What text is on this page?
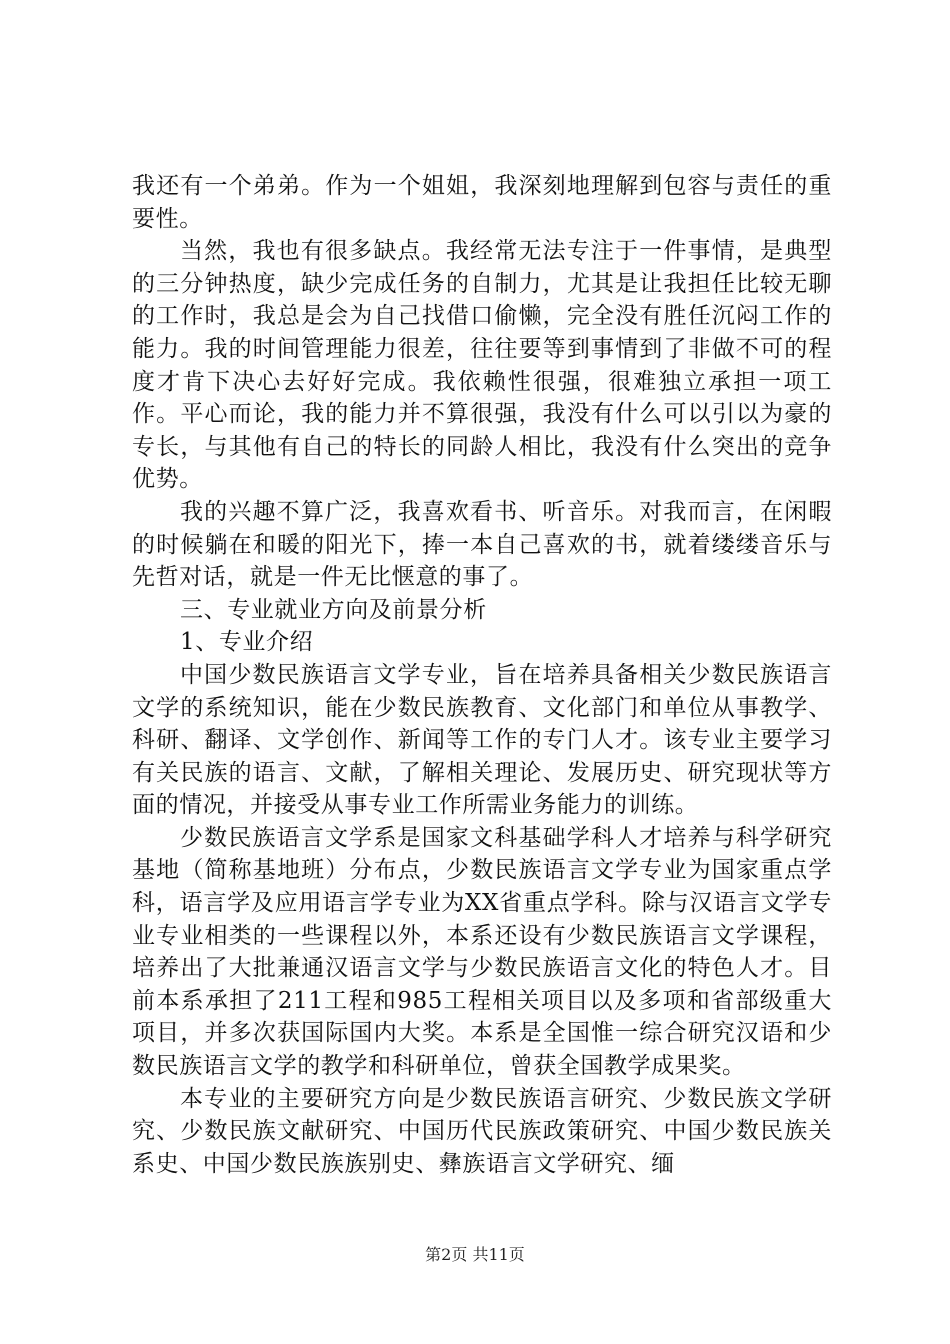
我还有一个弟弟。作为一个姐姐，我深刻地理解到包容与责任的重要性。

当然，我也有很多缺点。我经常无法专注于一件事情，是典型的三分钟热度，缺少完成任务的自制力，尤其是让我担任比较无聊的工作时，我总是会为自己找借口偷懒，完全没有胜任沉闷工作的能力。我的时间管理能力很差，往往要等到事情到了非做不可的程度才肯下决心去好好完成。我依赖性很强，很难独立承担一项工作。平心而论，我的能力并不算很强，我没有什么可以引以为豪的专长，与其他有自己的特长的同龄人相比，我没有什么突出的竞争优势。

我的兴趣不算广泛，我喜欢看书、听音乐。对我而言，在闲暇的时候躺在和暖的阳光下，捧一本自己喜欢的书，就着缕缕音乐与先哲对话，就是一件无比惬意的事了。

三、专业就业方向及前景分析

1、专业介绍

中国少数民族语言文学专业，旨在培养具备相关少数民族语言文学的系统知识，能在少数民族教育、文化部门和单位从事教学、科研、翻译、文学创作、新闻等工作的专门人才。该专业主要学习有关民族的语言、文献，了解相关理论、发展历史、研究现状等方面的情况，并接受从事专业工作所需业务能力的训练。

少数民族语言文学系是国家文科基础学科人才培养与科学研究基地（简称基地班）分布点，少数民族语言文学专业为国家重点学科，语言学及应用语言学专业为XX省重点学科。除与汉语言文学专业专业相类的一些课程以外，本系还设有少数民族语言文学课程，培养出了大批兼通汉语言文学与少数民族语言文化的特色人才。目前本系承担了211工程和985工程相关项目以及多项和省部级重大项目，并多次获国际国内大奖。本系是全国惟一综合研究汉语和少数民族语言文学的教学和科研单位，曾获全国教学成果奖。

本专业的主要研究方向是少数民族语言研究、少数民族文学研究、少数民族文献研究、中国历代民族政策研究、中国少数民族关系史、中国少数民族族别史、彝族语言文学研究、缅

第2页 共11页
